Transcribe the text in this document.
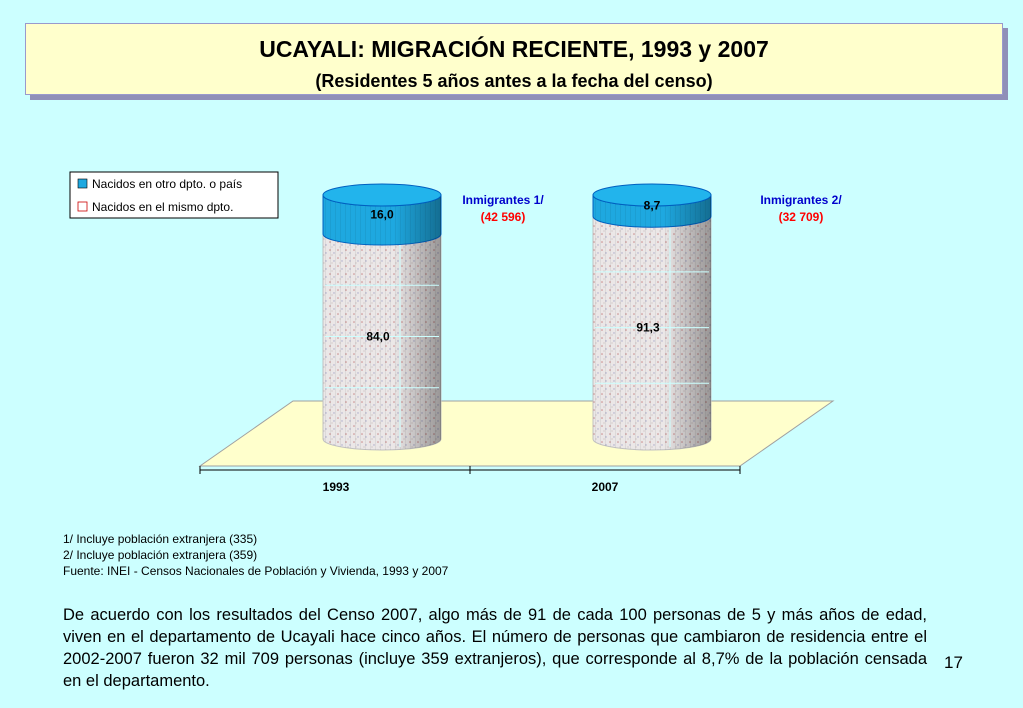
UCAYALI: MIGRACIÓN RECIENTE, 1993 y 2007
(Residentes 5 años antes a la fecha del censo)
84,0
16,0
91,3
8,7
1993	2007
Inmigrantes 1/
(42 596)
Inmigrantes 2/
(32 709)
Nacidos en otro dpto. o país
Nacidos en el mismo dpto.
1/ Incluye población extranjera (335)
2/ Incluye población extranjera (359)
Fuente: INEI - Censos Nacionales de Población y Vivienda, 1993 y 2007
De acuerdo con los resultados del Censo 2007, algo más de 91 de cada 100 personas de 5 y más años de edad, viven en el departamento de Ucayali hace cinco años. El número de personas que cambiaron de residencia entre el 2002-2007 fueron 32 mil 709 personas (incluye 359 extranjeros), que corresponde al 8,7% de la población censada en el departamento.
17
